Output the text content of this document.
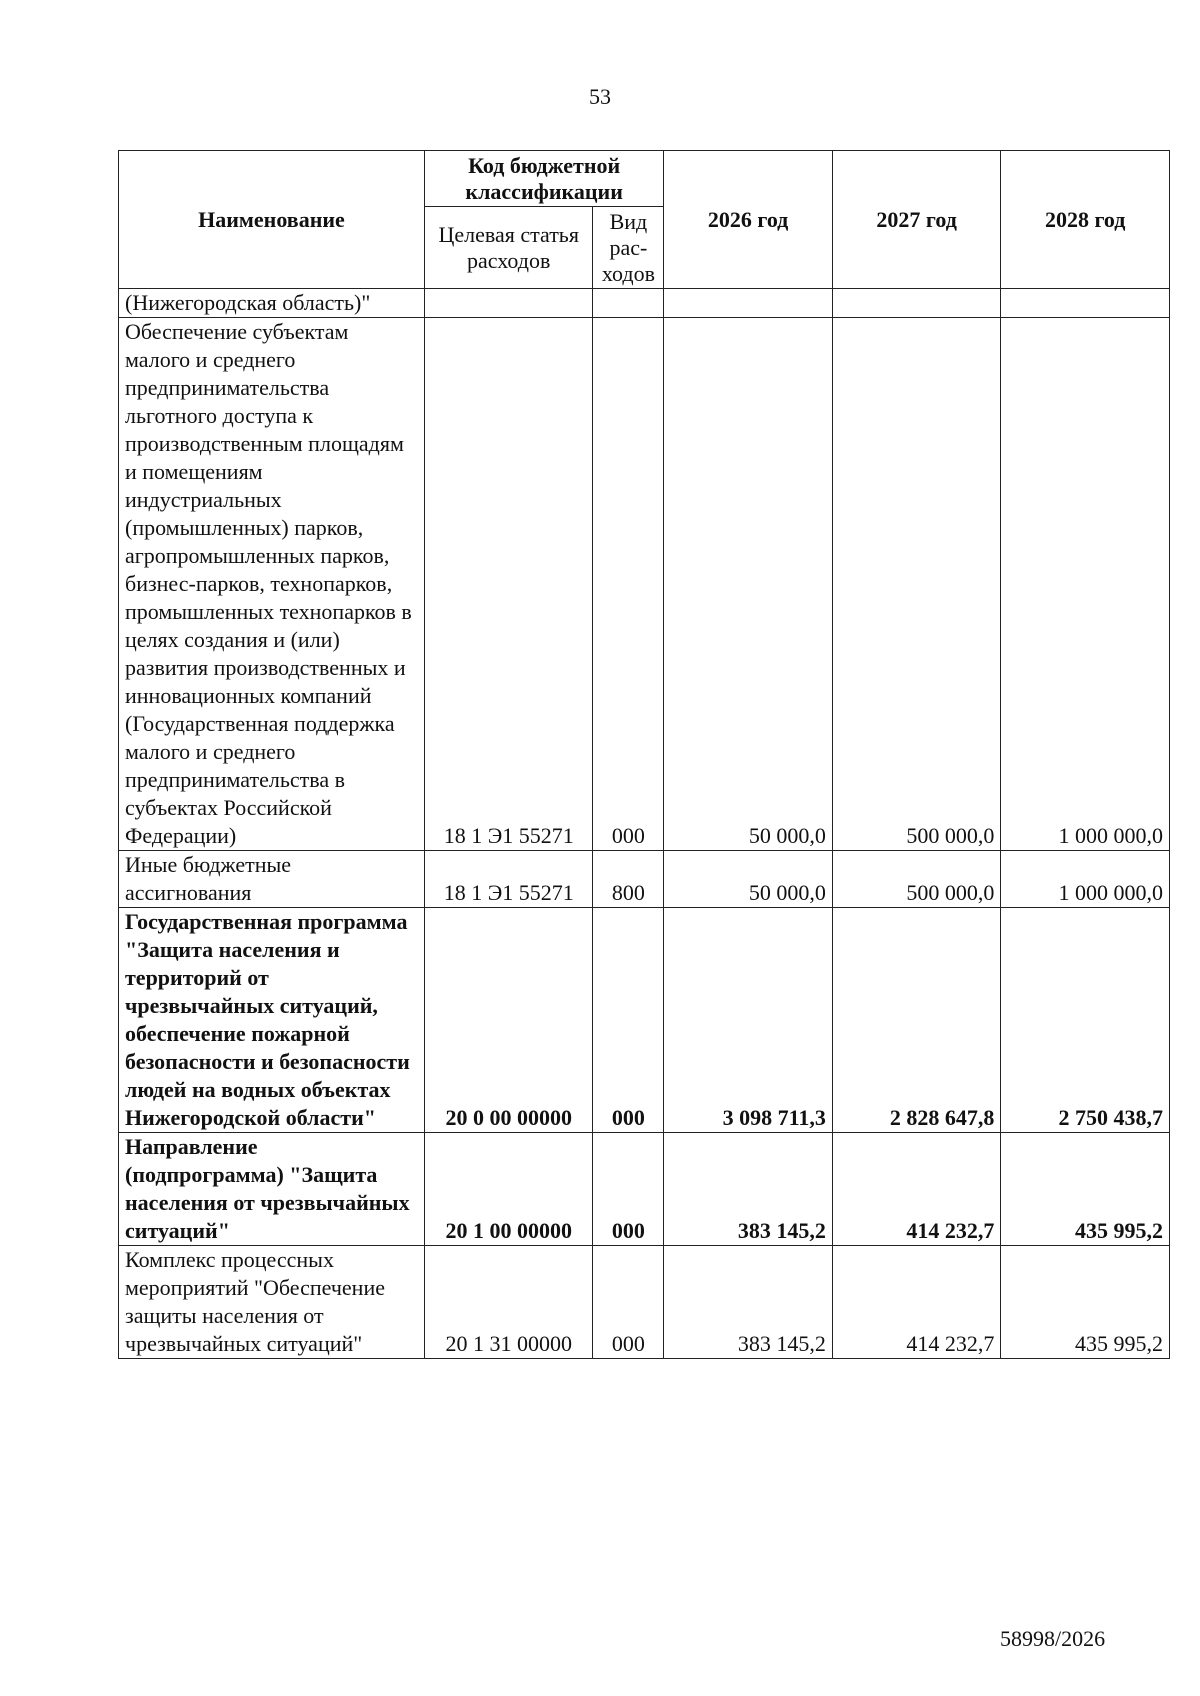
53
Наименование	Код бюджетной классификации		2026 год	2027 год	2028 год
	Целевая статья расходов	Вид рас-ходов			
(Нижегородская область)"					
Обеспечение субъектам малого и среднего предпринимательства льготного доступа к производственным площадям и помещениям индустриальных (промышленных) парков, агропромышленных парков, бизнес-парков, технопарков, промышленных технопарков в целях создания и (или) развития производственных и инновационных компаний (Государственная поддержка малого и среднего предпринимательства в субъектах Российской Федерации)	18 1 Э1 55271	000	50 000,0	500 000,0	1 000 000,0
Иные бюджетные ассигнования	18 1 Э1 55271	800	50 000,0	500 000,0	1 000 000,0
Государственная программа "Защита населения и территорий от чрезвычайных ситуаций, обеспечение пожарной безопасности и безопасности людей на водных объектах Нижегородской области"	20 0 00 00000	000	3 098 711,3	2 828 647,8	2 750 438,7
Направление (подпрограмма) "Защита населения от чрезвычайных ситуаций"	20 1 00 00000	000	383 145,2	414 232,7	435 995,2
Комплекс процессных мероприятий "Обеспечение защиты населения от чрезвычайных ситуаций"	20 1 31 00000	000	383 145,2	414 232,7	435 995,2
58998/2026
